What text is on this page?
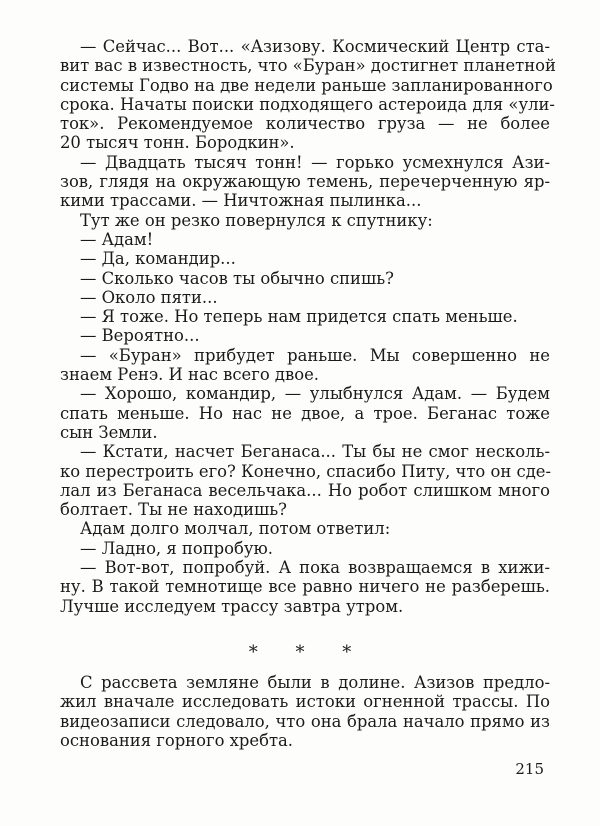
— Сейчас... Вот... «Азизову. Космический Центр ста-
вит вас в известность, что «Буран» достигнет планетной
системы Годво на две недели раньше запланированного
срока. Начаты поиски подходящего астероида для «ули-
ток». Рекомендуемое количество груза — не более
20 тысяч тонн. Бородкин».
— Двадцать тысяч тонн! — горько усмехнулся Ази-
зов, глядя на окружающую темень, перечерченную яр-
кими трассами. — Ничтожная пылинка...
Тут же он резко повернулся к спутнику:
— Адам!
— Да, командир...
— Сколько часов ты обычно спишь?
— Около пяти...
— Я тоже. Но теперь нам придется спать меньше.
— Вероятно...
— «Буран» прибудет раньше. Мы совершенно не
знаем Ренэ. И нас всего двое.
— Хорошо, командир, — улыбнулся Адам. — Будем
спать меньше. Но нас не двое, а трое. Беганас тоже
сын Земли.
— Кстати, насчет Беганаса... Ты бы не смог несколь-
ко перестроить его? Конечно, спасибо Питу, что он сде-
лал из Беганаса весельчака... Но робот слишком много
болтает. Ты не находишь?
Адам долго молчал, потом ответил:
— Ладно, я попробую.
— Вот-вот, попробуй. А пока возвращаемся в хижи-
ну. В такой темнотище все равно ничего не разберешь.
Лучше исследуем трассу завтра утром.
* * *
С рассвета земляне были в долине. Азизов предло-
жил вначале исследовать истоки огненной трассы. По
видеозаписи следовало, что она брала начало прямо из
основания горного хребта.
215
